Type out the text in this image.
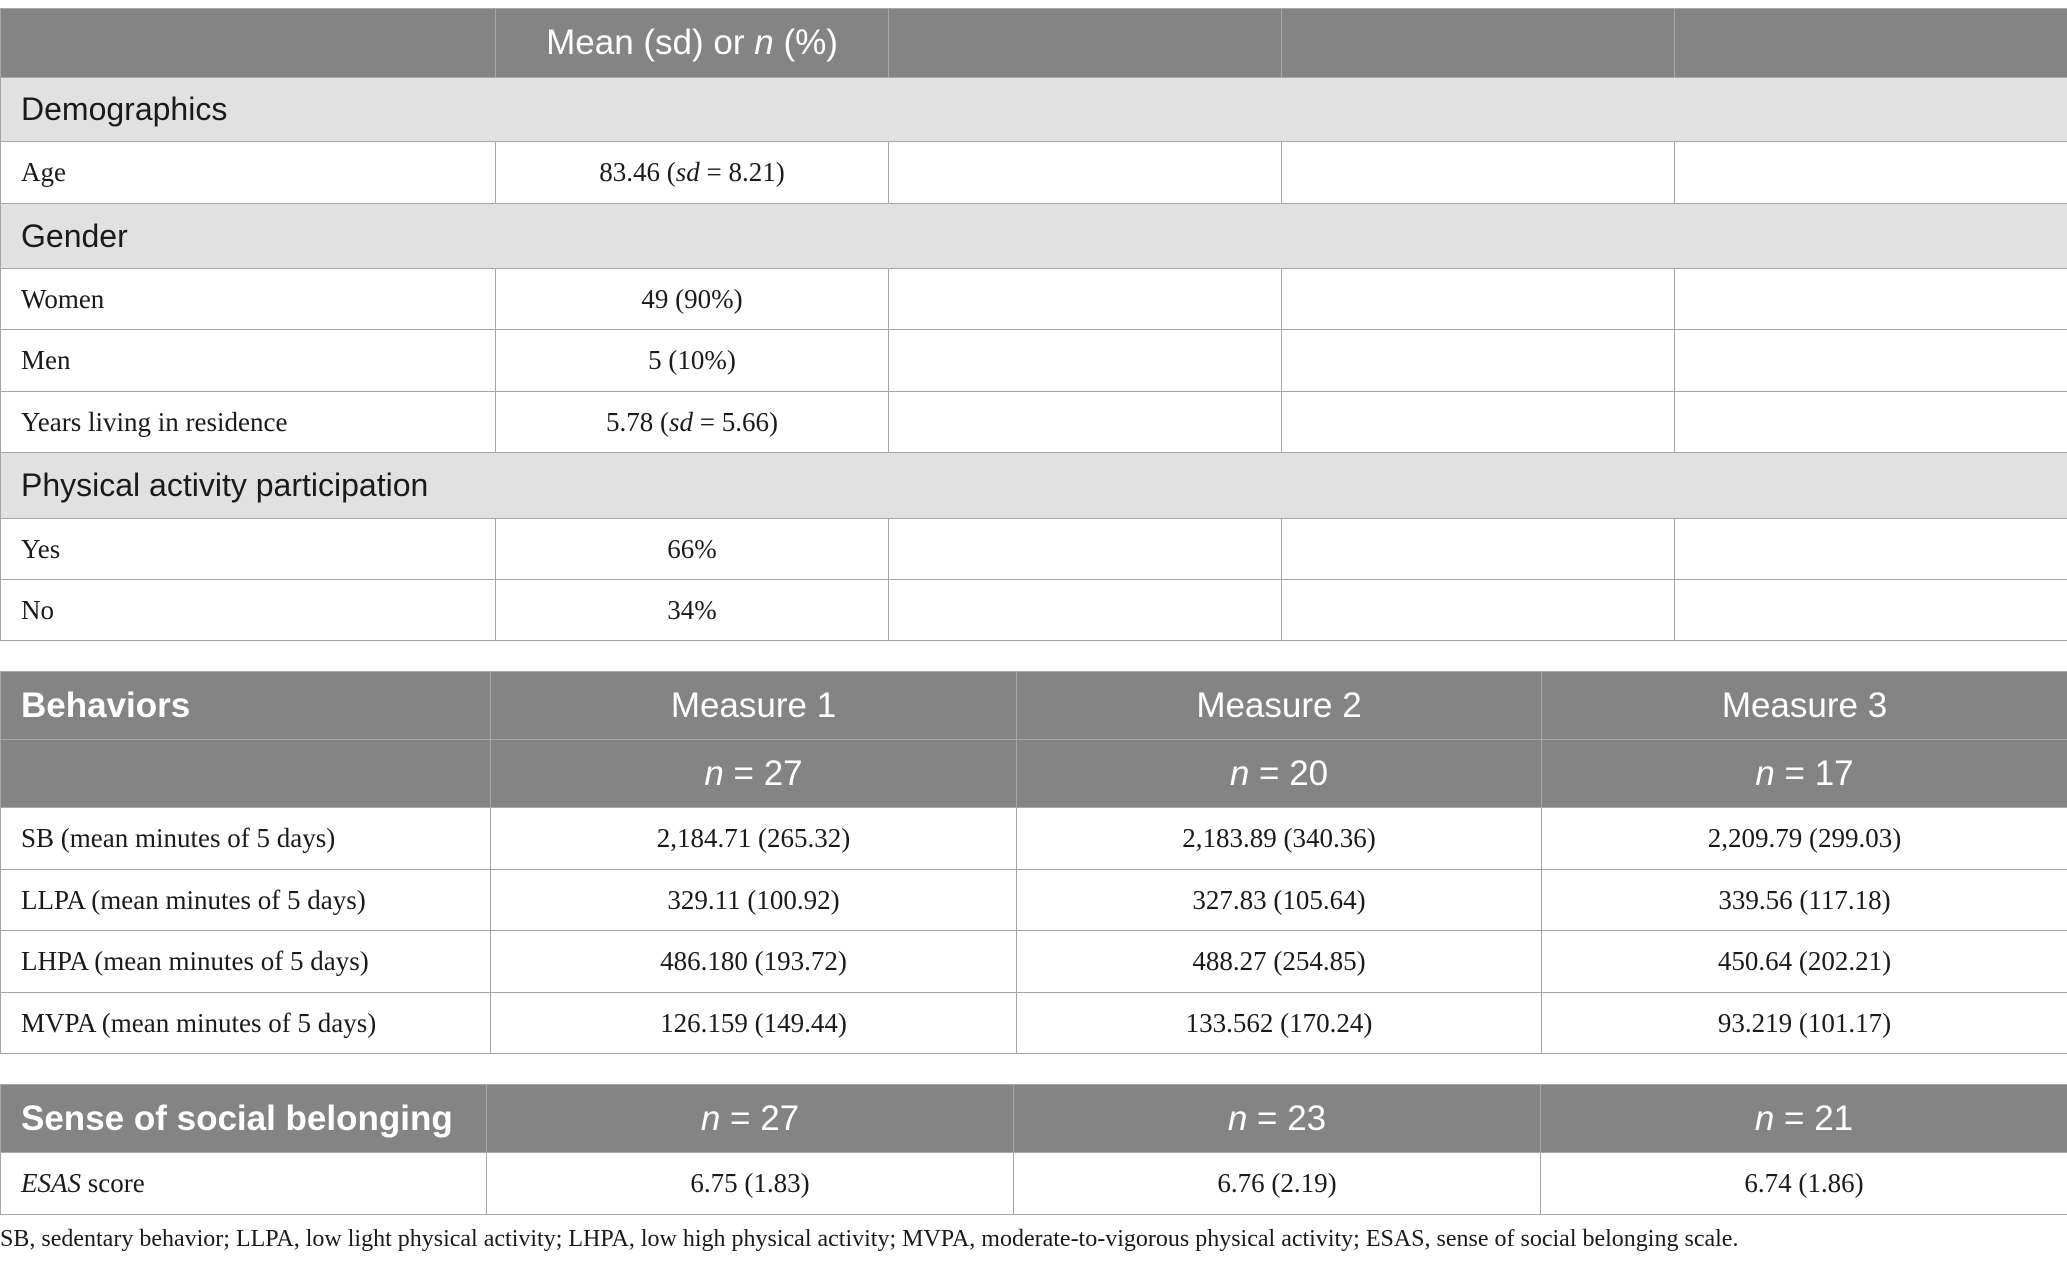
	Mean (sd) or n (%)			
Demographics				
Age	83.46 (sd = 8.21)			
Gender				
Women	49 (90%)			
Men	5 (10%)			
Years living in residence	5.78 (sd = 5.66)			
Physical activity participation				
Yes	66%			
No	34%			
Behaviors	Measure 1	Measure 2	Measure 3
	n = 27	n = 20	n = 17
SB (mean minutes of 5 days)	2,184.71 (265.32)	2,183.89 (340.36)	2,209.79 (299.03)
LLPA (mean minutes of 5 days)	329.11 (100.92)	327.83 (105.64)	339.56 (117.18)
LHPA (mean minutes of 5 days)	486.180 (193.72)	488.27 (254.85)	450.64 (202.21)
MVPA (mean minutes of 5 days)	126.159 (149.44)	133.562 (170.24)	93.219 (101.17)
Sense of social belonging	n = 27	n = 23	n = 21
ESAS score	6.75 (1.83)	6.76 (2.19)	6.74 (1.86)
SB, sedentary behavior; LLPA, low light physical activity; LHPA, low high physical activity; MVPA, moderate-to-vigorous physical activity; ESAS, sense of social belonging scale.
